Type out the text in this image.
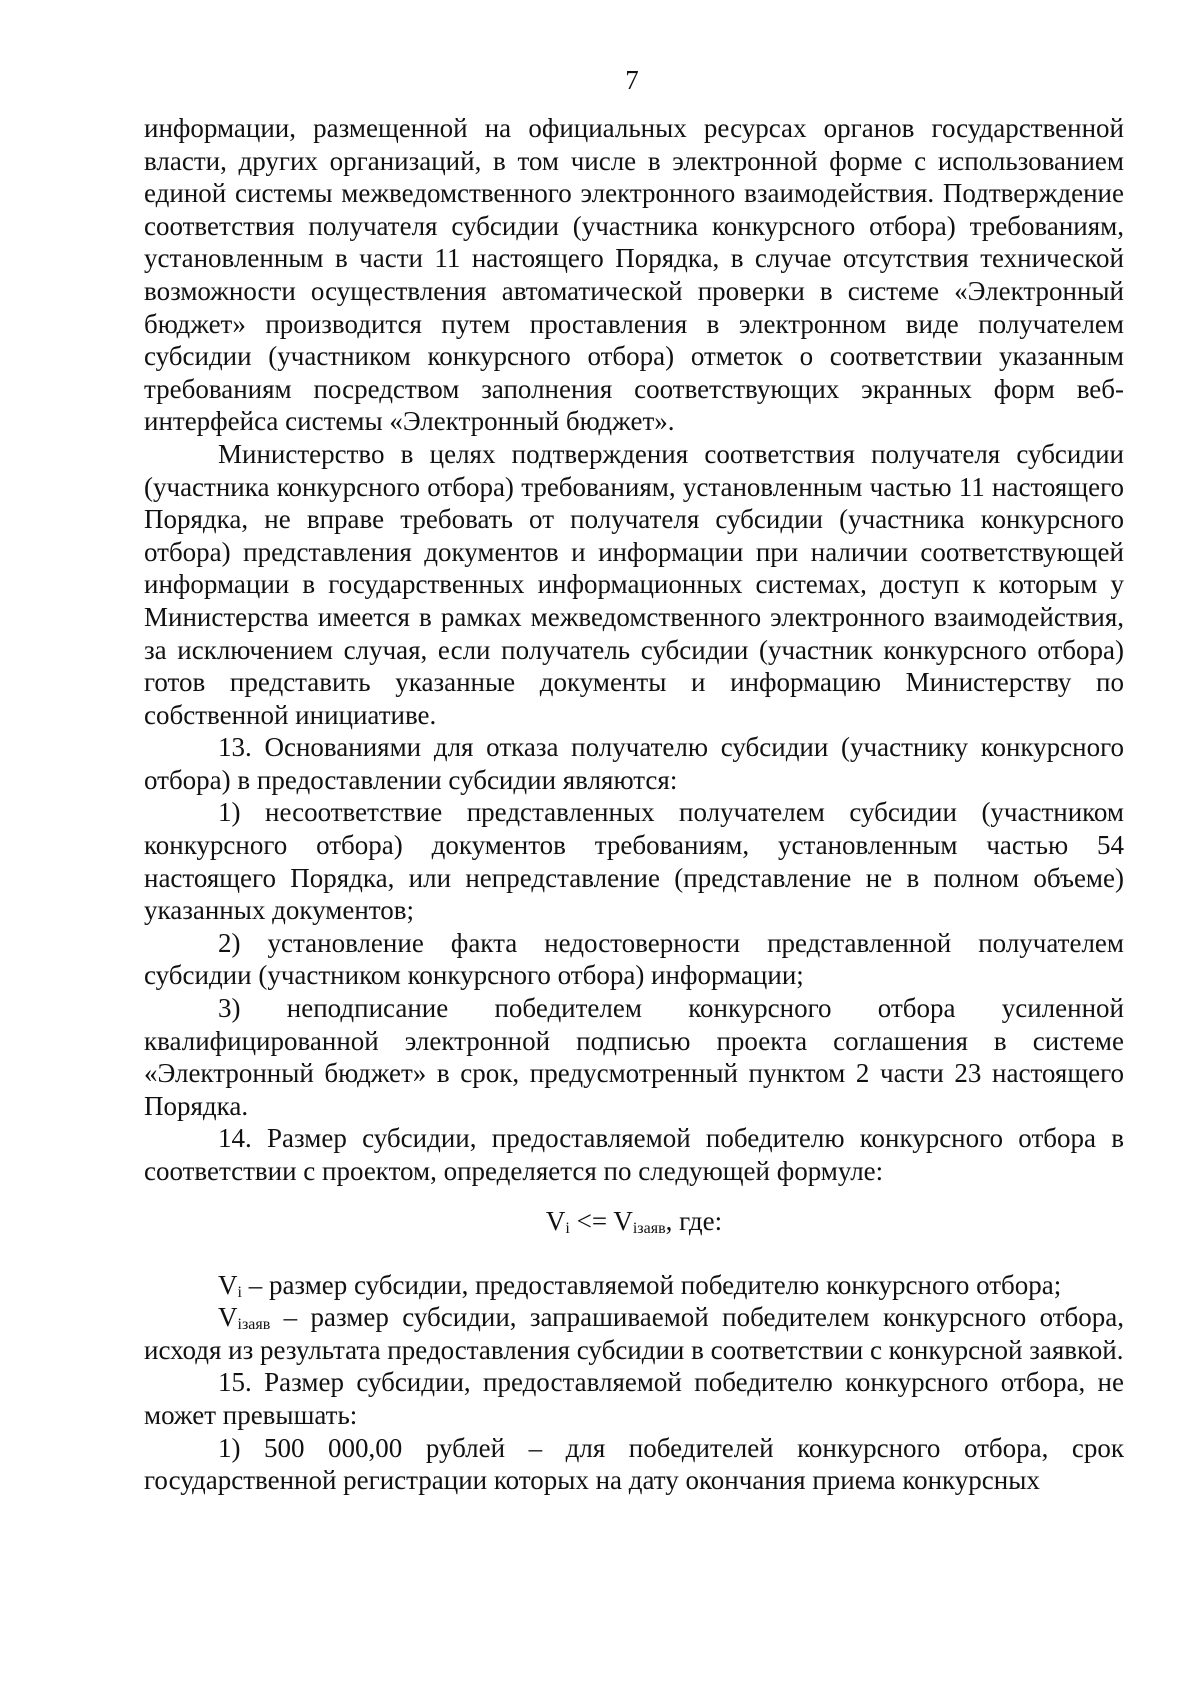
7

информации, размещенной на официальных ресурсах органов государственной власти, других организаций, в том числе в электронной форме с использованием единой системы межведомственного электронного взаимодействия. Подтверждение соответствия получателя субсидии (участника конкурсного отбора) требованиям, установленным в части 11 настоящего Порядка, в случае отсутствия технической возможности осуществления автоматической проверки в системе «Электронный бюджет» производится путем проставления в электронном виде получателем субсидии (участником конкурсного отбора) отметок о соответствии указанным требованиям посредством заполнения соответствующих экранных форм веб-интерфейса системы «Электронный бюджет».

Министерство в целях подтверждения соответствия получателя субсидии (участника конкурсного отбора) требованиям, установленным частью 11 настоящего Порядка, не вправе требовать от получателя субсидии (участника конкурсного отбора) представления документов и информации при наличии соответствующей информации в государственных информационных системах, доступ к которым у Министерства имеется в рамках межведомственного электронного взаимодействия, за исключением случая, если получатель субсидии (участник конкурсного отбора) готов представить указанные документы и информацию Министерству по собственной инициативе.

13. Основаниями для отказа получателю субсидии (участнику конкурсного отбора) в предоставлении субсидии являются:

1) несоответствие представленных получателем субсидии (участником конкурсного отбора) документов требованиям, установленным частью 54 настоящего Порядка, или непредставление (представление не в полном объеме) указанных документов;

2) установление факта недостоверности представленной получателем субсидии (участником конкурсного отбора) информации;

3) неподписание победителем конкурсного отбора усиленной квалифицированной электронной подписью проекта соглашения в системе «Электронный бюджет» в срок, предусмотренный пунктом 2 части 23 настоящего Порядка.

14. Размер субсидии, предоставляемой победителю конкурсного отбора в соответствии с проектом, определяется по следующей формуле:

$V_i <= V_{iзаяв}$, где:

$V_i$ – размер субсидии, предоставляемой победителю конкурсного отбора;

$V_{iзаяв}$ – размер субсидии, запрашиваемой победителем конкурсного отбора, исходя из результата предоставления субсидии в соответствии с конкурсной заявкой.

15. Размер субсидии, предоставляемой победителю конкурсного отбора, не может превышать:

1) 500 000,00 рублей – для победителей конкурсного отбора, срок государственной регистрации которых на дату окончания приема конкурсных
